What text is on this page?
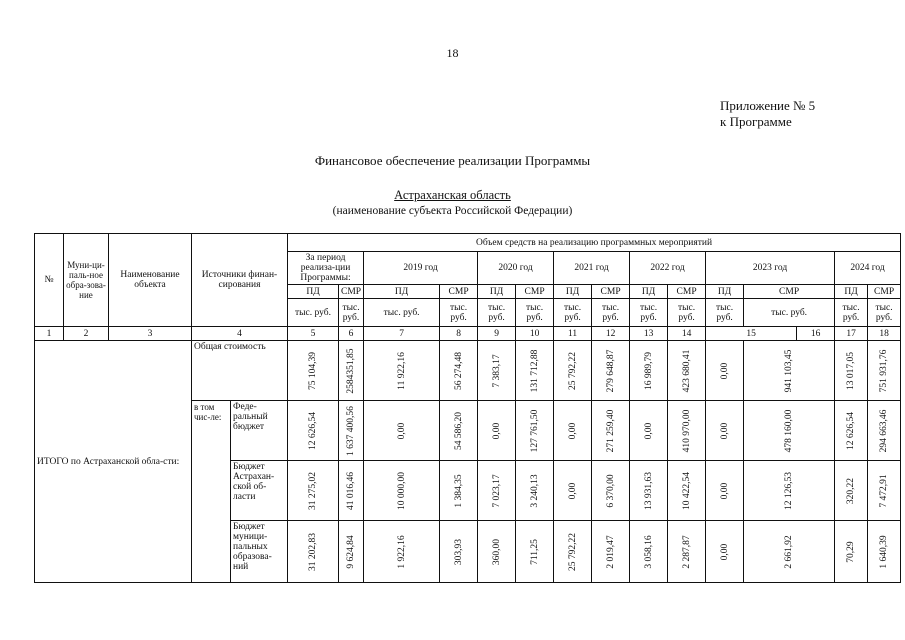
18
Приложение № 5
к Программе
Финансовое обеспечение реализации Программы
Астраханская область
(наименование субъекта Российской Федерации)
№	Муни-ци-паль-ное обра-зова-ние	Наименование объекта	Источники финан-сирования		Объем средств на реализацию программных мероприятий														
					За период реализа-ции Программы:		2019 год		2020 год		2021 год		2022 год		2023 год			2024 год
					ПД	СМР	ПД	СМР	ПД	СМР	ПД	СМР	ПД	СМР	ПД	СМР		ПД	СМР
					тыс. руб.	тыс. руб.	тыс. руб.	тыс. руб.	тыс. руб.	тыс. руб.	тыс. руб.	тыс. руб.	тыс. руб.	тыс. руб.	тыс. руб.	тыс. руб.		тыс. руб.	тыс. руб.
1	2	3	4		5	6	7	8	9	10	11	12	13	14	15		16	17	18
ИТОГО по Астраханской обла-сти:			Общая стоимость		75 104,39	2584351,85	11 922,16	56 274,48	7 383,17	131 712,88	25 792,22	279 648,87	16 989,79	423 680,41	0,00	941 103,45		13 017,05	751 931,76

			в том чис-ле:	Феде-ральный бюджет	12 626,54	1 637 400,56	0,00	54 586,20	0,00	127 761,50	0,00	271 259,40	0,00	410 970,00	0,00	478 160,00		12 626,54	294 663,46

				Бюджет Астрахан-ской об-ласти	31 275,02	41 016,46	10 000,00	1 384,35	7 023,17	3 240,13	0,00	6 370,00	13 931,63	10 422,54	0,00	12 126,53		320,22	7 472,91

				Бюджет муници-пальных образова-ний	31 202,83	9 624,84	1 922,16	303,93	360,00	711,25	25 792,22	2 019,47	3 058,16	2 287,87	0,00	2 661,92		70,29	1 640,39
